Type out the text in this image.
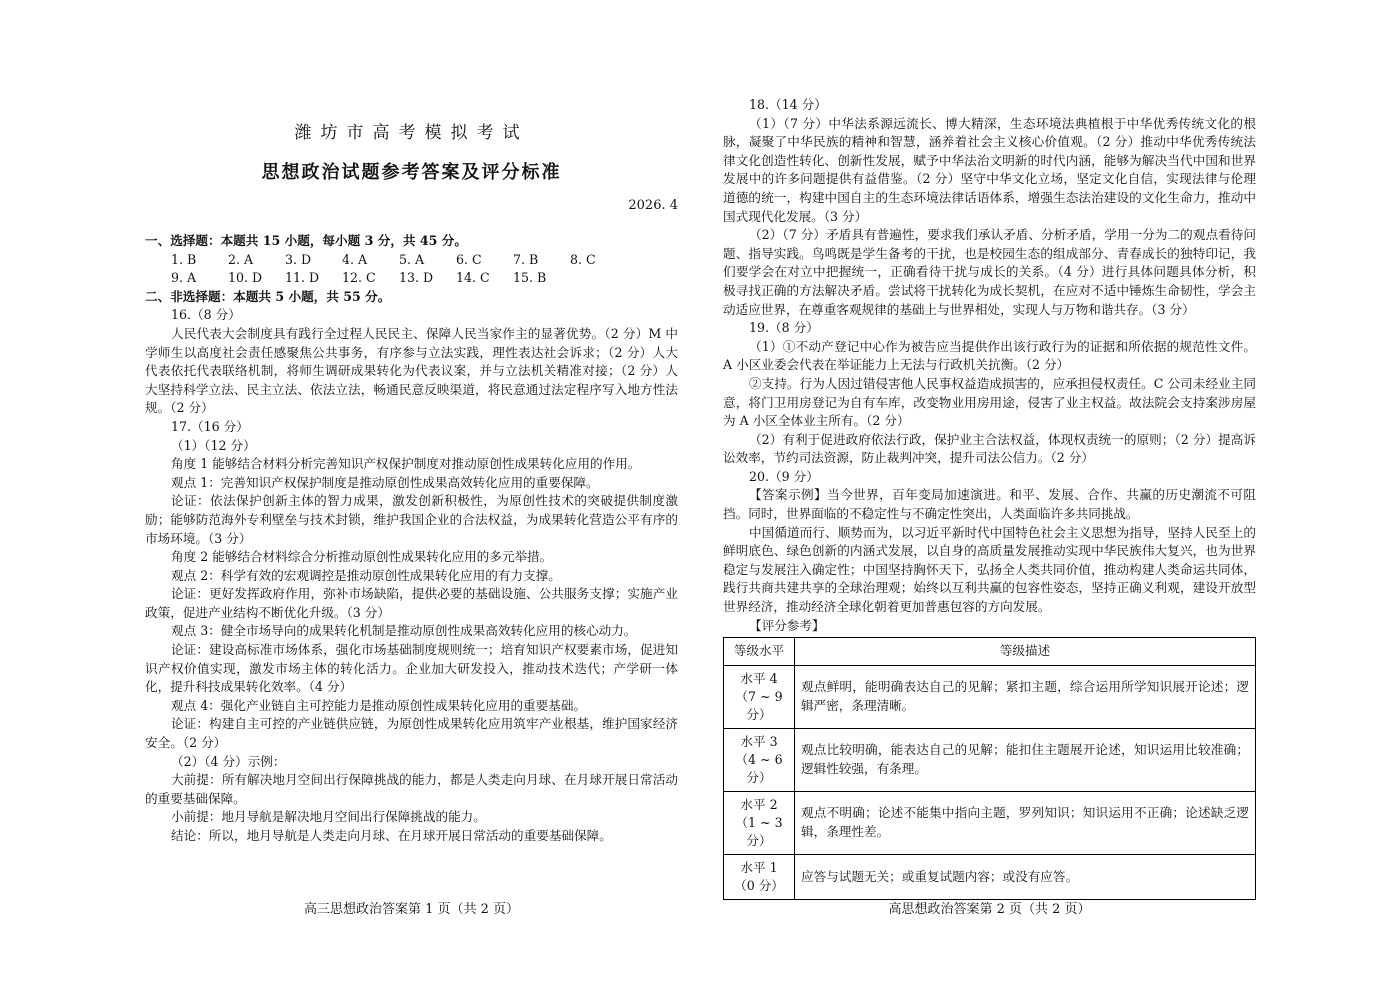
潍坊市高考模拟考试
思想政治试题参考答案及评分标准
2026. 4

一、选择题：本题共 15 小题，每小题 3 分，共 45 分。

1. B	2. A	3. D	4. A	5. A	6. C	7. B	8. C
9. A	10. D	11. D	12. C	13. D	14. C	15. B

二、非选择题：本题共 5 小题，共 55 分。

16.（8 分）

人民代表大会制度具有践行全过程人民民主、保障人民当家作主的显著优势。（2 分）M 中学师生以高度社会责任感聚焦公共事务，有序参与立法实践，理性表达社会诉求；（2 分）人大代表依托代表联络机制，将师生调研成果转化为代表议案，并与立法机关精准对接；（2 分）人大坚持科学立法、民主立法、依法立法，畅通民意反映渠道，将民意通过法定程序写入地方性法规。（2 分）

17.（16 分）

（1）（12 分）

角度 1 能够结合材料分析完善知识产权保护制度对推动原创性成果转化应用的作用。

观点 1：完善知识产权保护制度是推动原创性成果高效转化应用的重要保障。

论证：依法保护创新主体的智力成果，激发创新积极性，为原创性技术的突破提供制度激励；能够防范海外专利壁垒与技术封锁，维护我国企业的合法权益，为成果转化营造公平有序的市场环境。（3 分）

角度 2 能够结合材料综合分析推动原创性成果转化应用的多元举措。

观点 2：科学有效的宏观调控是推动原创性成果转化应用的有力支撑。

论证：更好发挥政府作用，弥补市场缺陷，提供必要的基础设施、公共服务支撑；实施产业政策，促进产业结构不断优化升级。（3 分）

观点 3：健全市场导向的成果转化机制是推动原创性成果高效转化应用的核心动力。

论证：建设高标准市场体系，强化市场基础制度规则统一；培育知识产权要素市场，促进知识产权价值实现，激发市场主体的转化活力。企业加大研发投入，推动技术迭代；产学研一体化，提升科技成果转化效率。（4 分）

观点 4：强化产业链自主可控能力是推动原创性成果转化应用的重要基础。

论证：构建自主可控的产业链供应链，为原创性成果转化应用筑牢产业根基，维护国家经济安全。（2 分）

（2）（4 分）示例：

大前提：所有解决地月空间出行保障挑战的能力，都是人类走向月球、在月球开展日常活动的重要基础保障。

小前提：地月导航是解决地月空间出行保障挑战的能力。

结论：所以，地月导航是人类走向月球、在月球开展日常活动的重要基础保障。

18.（14 分）

（1）（7 分）中华法系源远流长、博大精深，生态环境法典植根于中华优秀传统文化的根脉，凝聚了中华民族的精神和智慧，涵养着社会主义核心价值观。（2 分）推动中华优秀传统法律文化创造性转化、创新性发展，赋予中华法治文明新的时代内涵，能够为解决当代中国和世界发展中的许多问题提供有益借鉴。（2 分）坚守中华文化立场，坚定文化自信，实现法律与伦理道德的统一，构建中国自主的生态环境法律话语体系，增强生态法治建设的文化生命力，推动中国式现代化发展。（3 分）

（2）（7 分）矛盾具有普遍性，要求我们承认矛盾、分析矛盾，学用一分为二的观点看待问题、指导实践。鸟鸣既是学生备考的干扰，也是校园生态的组成部分、青春成长的独特印记，我们要学会在对立中把握统一，正确看待干扰与成长的关系。（4 分）进行具体问题具体分析，积极寻找正确的方法解决矛盾。尝试将干扰转化为成长契机，在应对不适中锤炼生命韧性，学会主动适应世界，在尊重客观规律的基础上与世界相处，实现人与万物和谐共存。（3 分）

19.（8 分）

（1）①不动产登记中心作为被告应当提供作出该行政行为的证据和所依据的规范性文件。A 小区业委会代表在举证能力上无法与行政机关抗衡。（2 分）

②支持。行为人因过错侵害他人民事权益造成损害的，应承担侵权责任。C 公司未经业主同意，将门卫用房登记为自有车库，改变物业用房用途，侵害了业主权益。故法院会支持案涉房屋为 A 小区全体业主所有。（2 分）

（2）有利于促进政府依法行政，保护业主合法权益，体现权责统一的原则；（2 分）提高诉讼效率，节约司法资源，防止裁判冲突，提升司法公信力。（2 分）

20.（9 分）

【答案示例】当今世界，百年变局加速演进。和平、发展、合作、共赢的历史潮流不可阻挡。同时，世界面临的不稳定性与不确定性突出，人类面临许多共同挑战。

中国循道而行、顺势而为，以习近平新时代中国特色社会主义思想为指导，坚持人民至上的鲜明底色、绿色创新的内涵式发展，以自身的高质量发展推动实现中华民族伟大复兴，也为世界稳定与发展注入确定性；中国坚持胸怀天下，弘扬全人类共同价值，推动构建人类命运共同体，践行共商共建共享的全球治理观；始终以互利共赢的包容性姿态，坚持正确义利观，建设开放型世界经济，推动经济全球化朝着更加普惠包容的方向发展。

【评分参考】

等级水平	等级描述
水平 4
（7 ~ 9 分）	观点鲜明，能明确表达自己的见解；紧扣主题，综合运用所学知识展开论述；逻辑严密，条理清晰。
水平 3
（4 ~ 6 分）	观点比较明确，能表达自己的见解；能扣住主题展开论述，知识运用比较准确；逻辑性较强，有条理。
水平 2
（1 ~ 3 分）	观点不明确；论述不能集中指向主题，罗列知识；知识运用不正确；论述缺乏逻辑，条理性差。
水平 1
（0 分）	应答与试题无关；或重复试题内容；或没有应答。
高三思想政治答案第 1 页（共 2 页）	高思想政治答案第 2 页（共 2 页）
